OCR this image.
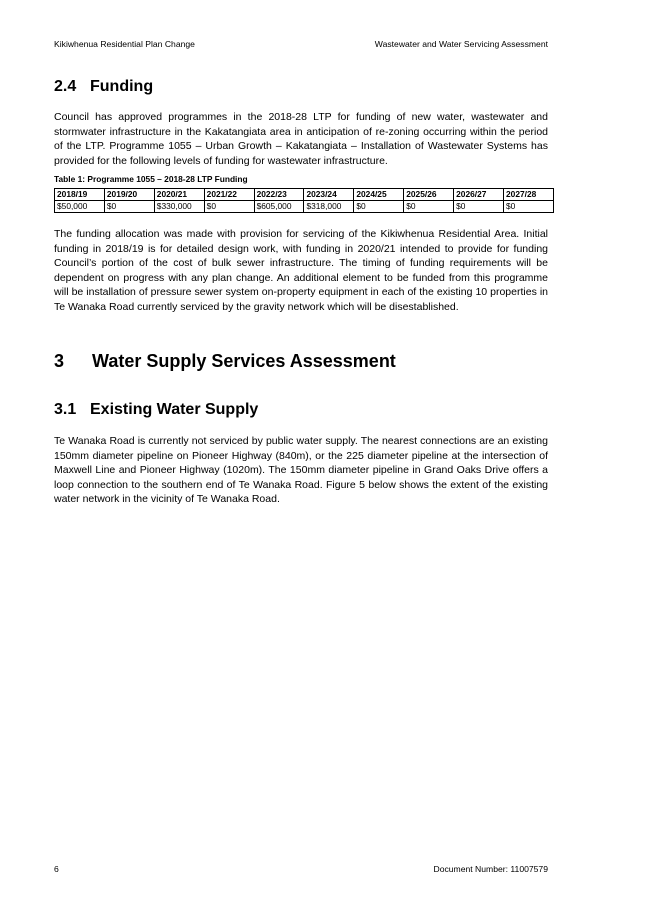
Kikiwhenua Residential Plan Change	Wastewater and Water Servicing Assessment
2.4 Funding

Council has approved programmes in the 2018-28 LTP for funding of new water, wastewater and stormwater infrastructure in the Kakatangiata area in anticipation of re-zoning occurring within the period of the LTP. Programme 1055 – Urban Growth – Kakatangiata – Installation of Wastewater Systems has provided for the following levels of funding for wastewater infrastructure.

Table 1: Programme 1055 – 2018-28 LTP Funding
2018/19	2019/20	2020/21	2021/22	2022/23	2023/24	2024/25	2025/26	2026/27	2027/28
$50,000	$0	$330,000	$0	$605,000	$318,000	$0	$0	$0	$0

The funding allocation was made with provision for servicing of the Kikiwhenua Residential Area. Initial funding in 2018/19 is for detailed design work, with funding in 2020/21 intended to provide for funding Council’s portion of the cost of bulk sewer infrastructure. The timing of funding requirements will be dependent on progress with any plan change. An additional element to be funded from this programme will be installation of pressure sewer system on-property equipment in each of the existing 10 properties in Te Wanaka Road currently serviced by the gravity network which will be disestablished.

3 Water Supply Services Assessment
3.1 Existing Water Supply

Te Wanaka Road is currently not serviced by public water supply. The nearest connections are an existing 150mm diameter pipeline on Pioneer Highway (840m), or the 225 diameter pipeline at the intersection of Maxwell Line and Pioneer Highway (1020m). The 150mm diameter pipeline in Grand Oaks Drive offers a loop connection to the southern end of Te Wanaka Road. Figure 5 below shows the extent of the existing water network in the vicinity of Te Wanaka Road.

6	Document Number: 11007579
